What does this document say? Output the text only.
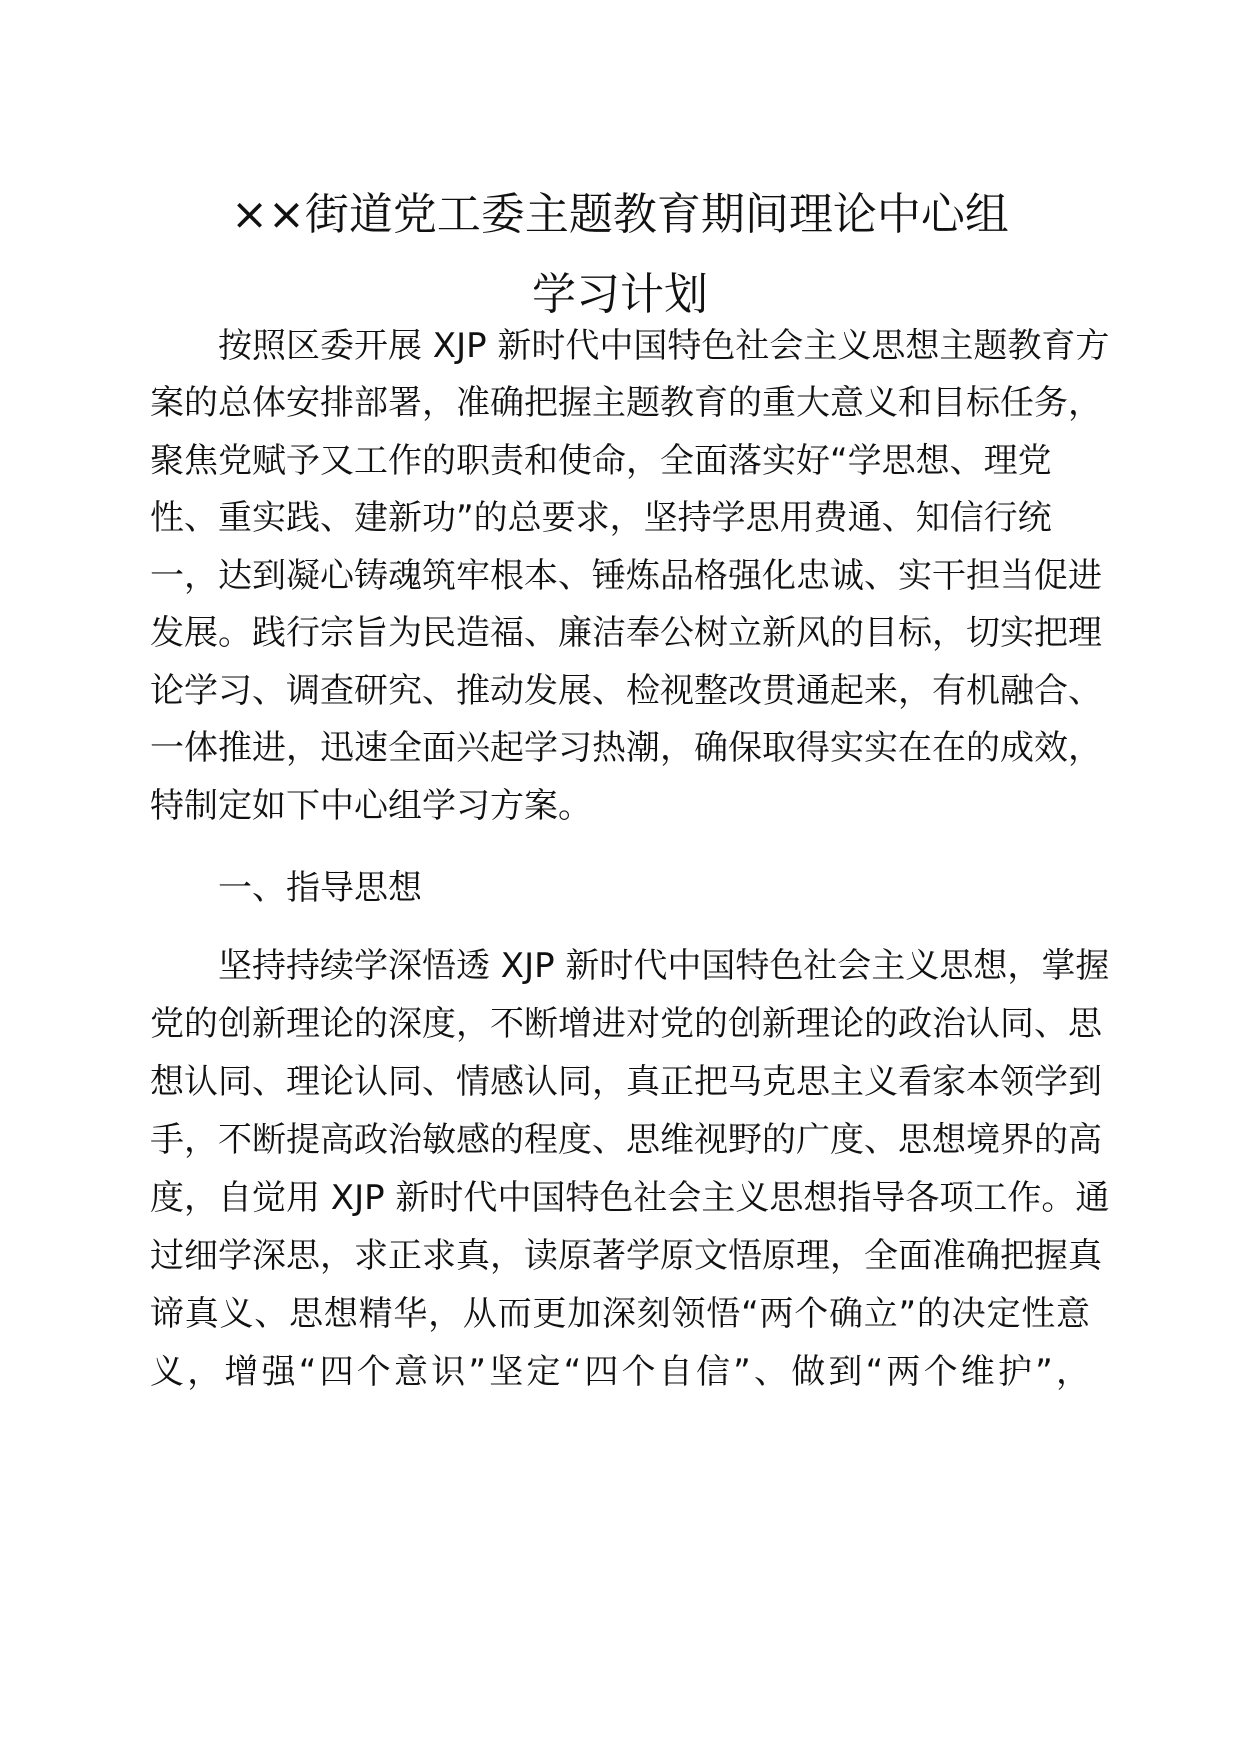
××街道党工委主题教育期间理论中心组
学习计划

按照区委开展 XJP 新时代中国特色社会主义思想主题教育方

案的总体安排部署，准确把握主题教育的重大意义和目标任务，

聚焦党赋予又工作的职责和使命，全面落实好“学思想、理党

性、重实践、建新功”的总要求，坚持学思用费通、知信行统

一，达到凝心铸魂筑牢根本、锤炼品格强化忠诚、实干担当促进

发展。践行宗旨为民造福、廉洁奉公树立新风的目标，切实把理

论学习、调查研究、推动发展、检视整改贯通起来，有机融合、

一体推进，迅速全面兴起学习热潮，确保取得实实在在的成效，

特制定如下中心组学习方案。

一、指导思想

坚持持续学深悟透 XJP 新时代中国特色社会主义思想，掌握

党的创新理论的深度，不断增进对党的创新理论的政治认同、思

想认同、理论认同、情感认同，真正把马克思主义看家本领学到

手，不断提高政治敏感的程度、思维视野的广度、思想境界的高

度，自觉用 XJP 新时代中国特色社会主义思想指导各项工作。通

过细学深思，求正求真，读原著学原文悟原理，全面准确把握真

谛真义、思想精华，从而更加深刻领悟“两个确立”的决定性意

义，增强“四个意识”坚定“四个自信”、做到“两个维护”，
